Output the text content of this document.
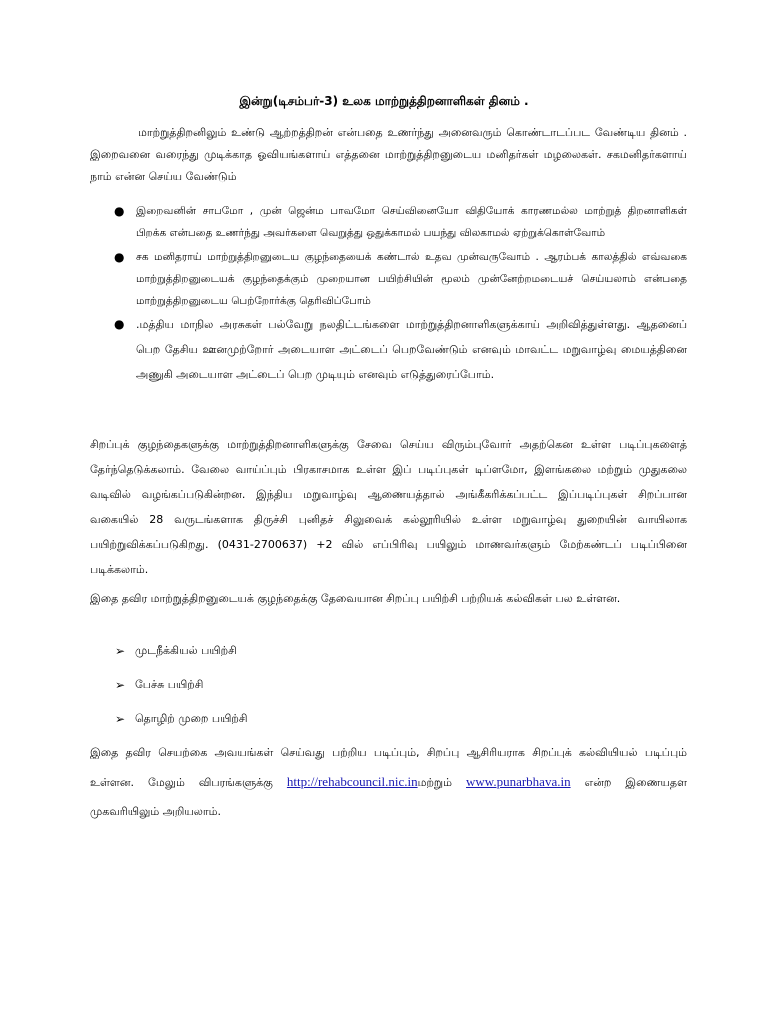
இன்று(டிசம்பர்-3) உலக மாற்றுத்திறனாளிகள் தினம் .

மாற்றுத்திறனிலும் உண்டு ஆற்றத்திறன் என்பதை உணர்ந்து அனைவரும் கொண்டாடப்பட வேண்டிய தினம் . இறைவனை வரைந்து முடிக்காத ஓவியங்களாய் எத்தனை மாற்றுத்திறனுடைய மனிதர்கள் மழலைகள். சகமனிதர்களாய் நாம் என்ன செய்ய வேண்டும்

● இறைவனின் சாபமோ , முன் ஜென்ம பாவமோ செய்வினையோ விதியோக் காரணமல்ல மாற்றுத் திறனாளிகள் பிறக்க என்பதை உணர்ந்து அவர்களை வெறுத்து ஒதுக்காமல் பயந்து விலகாமல் ஏற்றுக்கொள்வோம்
● சக மனிதராய் மாற்றுத்திறனுடைய குழந்தையைக் கண்டால் உதவ முன்வருவோம் . ஆரம்பக் காலத்தில் எவ்வகை மாற்றுத்திறனுடையக் குழந்தைக்கும் முறையான பயிற்சியின் மூலம் முன்னேற்றமடையச் செய்யலாம் என்பதை மாற்றுத்திறனுடைய பெற்றோர்க்கு தெரிவிப்போம்
● .மத்திய மாநில அரசுகள் பல்வேறு நலதிட்டங்களை மாற்றுத்திறனாளிகளுக்காய் அறிவித்துள்ளது. ஆதனைப் பெற தேசிய ஊனமுற்றோர் அடையாள அட்டைப் பெறவேண்டும் எனவும் மாவட்ட மறுவாழ்வு மையத்தினை அணுகி அடையாள அட்டைப் பெற முடியும் எனவும் எடுத்துரைப்போம்.

சிறப்புக் குழந்தைகளுக்கு மாற்றுத்திறனாளிகளுக்கு சேவை செய்ய விரும்புவோர் அதற்கென உள்ள படிப்புகளைத் தேர்ந்தெடுக்கலாம். வேலை வாய்ப்பும் பிரகாசமாக உள்ள இப் படிப்புகள் டிப்ளமோ, இளங்கலை மற்றும் முதுகலை வடிவில் வழங்கப்படுகின்றன. இந்திய மறுவாழ்வு ஆணையத்தால் அங்கீகரிக்கப்பட்ட இப்படிப்புகள் சிறப்பான வகையில் 28 வருடங்களாக திருச்சி புனிதச் சிலுவைக் கல்லூரியில் உள்ள மறுவாழ்வு துறையின் வாயிலாக பயிற்றுவிக்கப்படுகிறது. (0431-2700637) +2 வில் எப்பிரிவு பயிலும் மாணவர்களும் மேற்கண்டப் படிப்பினை படிக்கலாம்.

இதை தவிர மாற்றுத்திறனுடையக் குழந்தைக்கு தேவையான சிறப்பு பயிற்சி பற்றியக் கல்விகள் பல உள்ளன.

➢ முடநீக்கியல் பயிற்சி
➢ பேச்சு பயிற்சி
➢ தொழிற் முறை பயிற்சி

இதை தவிர செயற்கை அவயங்கள் செய்வது பற்றிய படிப்பும், சிறப்பு ஆசிரியராக சிறப்புக் கல்வியியல் படிப்பும் உள்ளன. மேலும் விபரங்களுக்கு http://rehabcouncil.nic.inமற்றும் www.punarbhava.in என்ற இணையதள முகவரியிலும் அறியலாம்.
